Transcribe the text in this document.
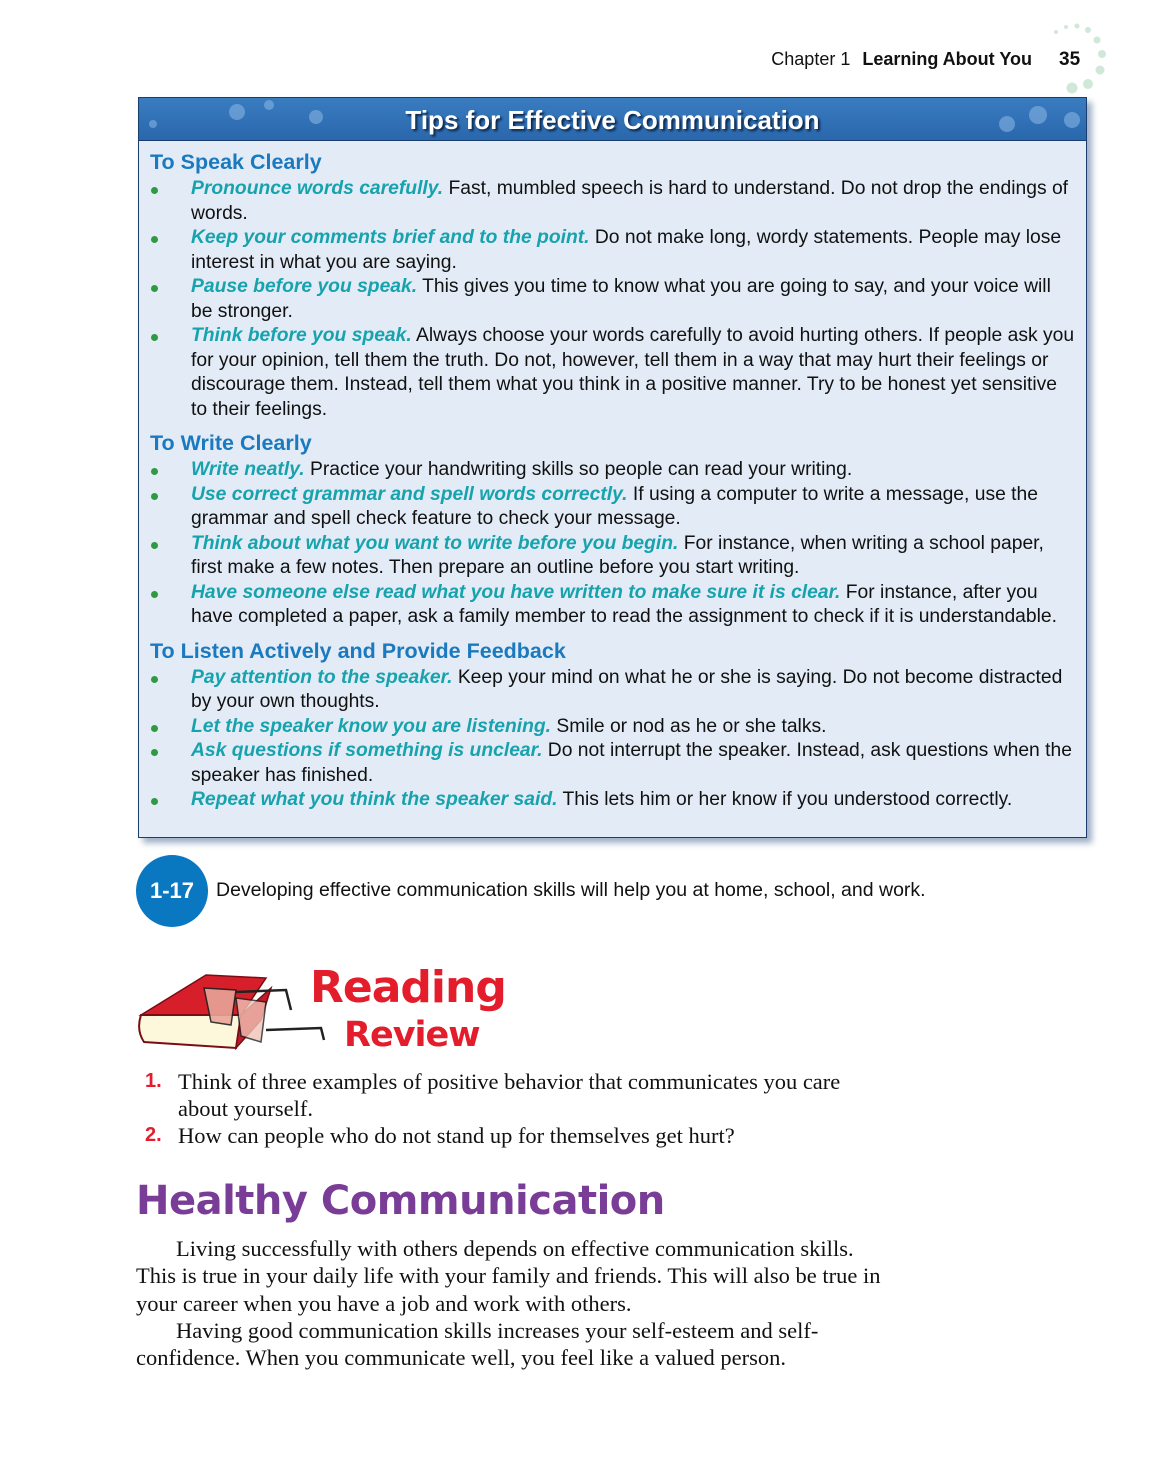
Chapter 1 Learning About You 35
Tips for Effective Communication
To Speak Clearly
Pronounce words carefully. Fast, mumbled speech is hard to understand. Do not drop the endings of words.
Keep your comments brief and to the point. Do not make long, wordy statements. People may lose interest in what you are saying.
Pause before you speak. This gives you time to know what you are going to say, and your voice will be stronger.
Think before you speak. Always choose your words carefully to avoid hurting others. If people ask you for your opinion, tell them the truth. Do not, however, tell them in a way that may hurt their feelings or discourage them. Instead, tell them what you think in a positive manner. Try to be honest yet sensitive to their feelings.
To Write Clearly
Write neatly. Practice your handwriting skills so people can read your writing.
Use correct grammar and spell words correctly. If using a computer to write a message, use the grammar and spell check feature to check your message.
Think about what you want to write before you begin. For instance, when writing a school paper, first make a few notes. Then prepare an outline before you start writing.
Have someone else read what you have written to make sure it is clear. For instance, after you have completed a paper, ask a family member to read the assignment to check if it is understandable.
To Listen Actively and Provide Feedback
Pay attention to the speaker. Keep your mind on what he or she is saying. Do not become distracted by your own thoughts.
Let the speaker know you are listening. Smile or nod as he or she talks.
Ask questions if something is unclear. Do not interrupt the speaker. Instead, ask questions when the speaker has finished.
Repeat what you think the speaker said. This lets him or her know if you understood correctly.
1-17	Developing effective communication skills will help you at home, school, and work.
Reading
Review
1. Think of three examples of positive behavior that communicates you care about yourself.
2. How can people who do not stand up for themselves get hurt?
Healthy Communication

Living successfully with others depends on effective communication skills. This is true in your daily life with your family and friends. This will also be true in your career when you have a job and work with others.

Having good communication skills increases your self-esteem and self-confidence. When you communicate well, you feel like a valued person.
